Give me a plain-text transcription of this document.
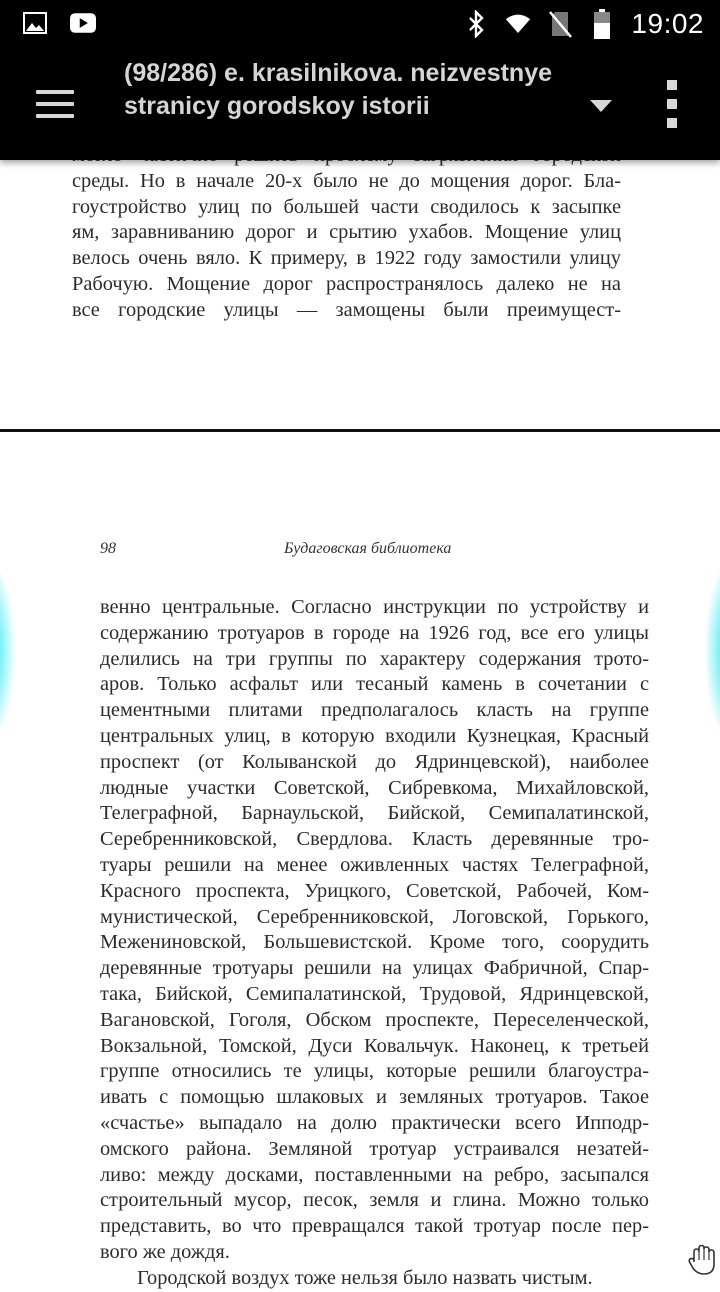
19:02
(98/286) e. krasilnikova. neizvestnye stranicy gorodskoy istorii
среды. Но в начале 20-х было не до мощения дорог. Бла-
гоустройство улиц по большей части сводилось к засыпке
ям, заравниванию дорог и срытию ухабов. Мощение улиц
велось очень вяло. К примеру, в 1922 году замостили улицу
Рабочую. Мощение дорог распространялось далеко не на
все городские улицы — замощены были преимущест-
98	Будаговская библиотека
венно центральные. Согласно инструкции по устройству и
содержанию тротуаров в городе на 1926 год, все его улицы
делились на три группы по характеру содержания трото-
аров. Только асфальт или тесаный камень в сочетании с
цементными плитами предполагалось класть на группе
центральных улиц, в которую входили Кузнецкая, Красный
проспект (от Колыванской до Ядринцевской), наиболее
людные участки Советской, Сибревкома, Михайловской,
Телеграфной, Барнаульской, Бийской, Семипалатинской,
Серебренниковской, Свердлова. Класть деревянные тро-
туары решили на менее оживленных частях Телеграфной,
Красного проспекта, Урицкого, Советской, Рабочей, Ком-
мунистической, Серебренниковской, Логовской, Горького,
Межениновской, Большевистской. Кроме того, соорудить
деревянные тротуары решили на улицах Фабричной, Спар-
така, Бийской, Семипалатинской, Трудовой, Ядринцевской,
Вагановской, Гоголя, Обском проспекте, Переселенческой,
Вокзальной, Томской, Дуси Ковальчук. Наконец, к третьей
группе относились те улицы, которые решили благоустра-
ивать с помощью шлаковых и земляных тротуаров. Такое
«счастье» выпадало на долю практически всего Ипподр-
омского района. Земляной тротуар устраивался незатей-
ливо: между досками, поставленными на ребро, засыпался
строительный мусор, песок, земля и глина. Можно только
представить, во что превращался такой тротуар после пер-
вого же дождя.
Городской воздух тоже нельзя было назвать чистым.
